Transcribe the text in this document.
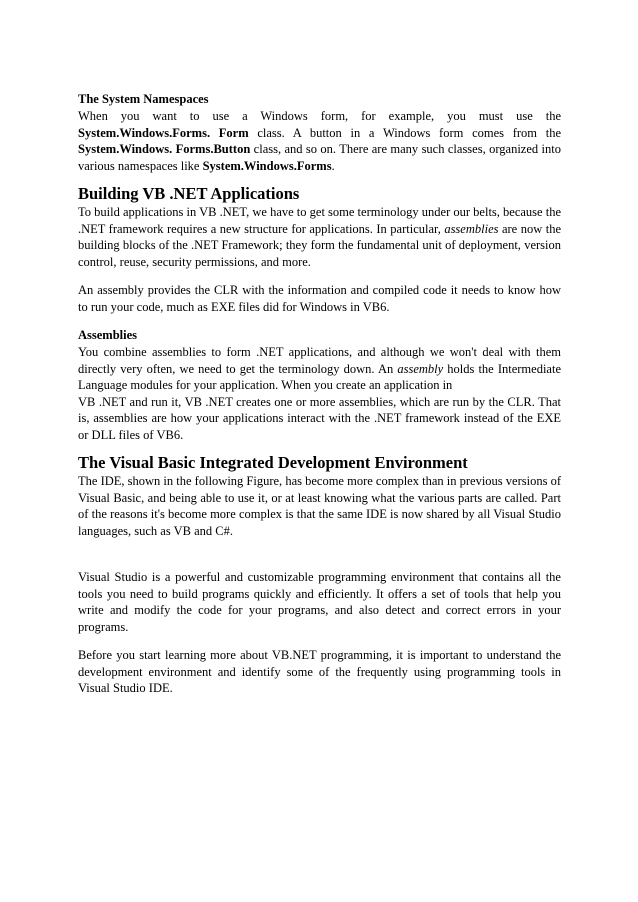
The System Namespaces

When you want to use a Windows form, for example, you must use the System.Windows.Forms. Form class. A button in a Windows form comes from the System.Windows. Forms.Button class, and so on. There are many such classes, organized into various namespaces like System.Windows.Forms.

Building VB .NET Applications

To build applications in VB .NET, we have to get some terminology under our belts, because the .NET framework requires a new structure for applications. In particular, assemblies are now the building blocks of the .NET Framework; they form the fundamental unit of deployment, version control, reuse, security permissions, and more.

An assembly provides the CLR with the information and compiled code it needs to know how to run your code, much as EXE files did for Windows in VB6.

Assemblies

You combine assemblies to form .NET applications, and although we won't deal with them directly very often, we need to get the terminology down. An assembly holds the Intermediate Language modules for your application. When you create an application in

VB .NET and run it, VB .NET creates one or more assemblies, which are run by the CLR. That is, assemblies are how your applications interact with the .NET framework instead of the EXE or DLL files of VB6.

The Visual Basic Integrated Development Environment

The IDE, shown in the following Figure, has become more complex than in previous versions of Visual Basic, and being able to use it, or at least knowing what the various parts are called. Part of the reasons it's become more complex is that the same IDE is now shared by all Visual Studio languages, such as VB and C#.

Visual Studio is a powerful and customizable programming environment that contains all the tools you need to build programs quickly and efficiently. It offers a set of tools that help you write and modify the code for your programs, and also detect and correct errors in your programs.

Before you start learning more about VB.NET programming, it is important to understand the development environment and identify some of the frequently using programming tools in Visual Studio IDE.
